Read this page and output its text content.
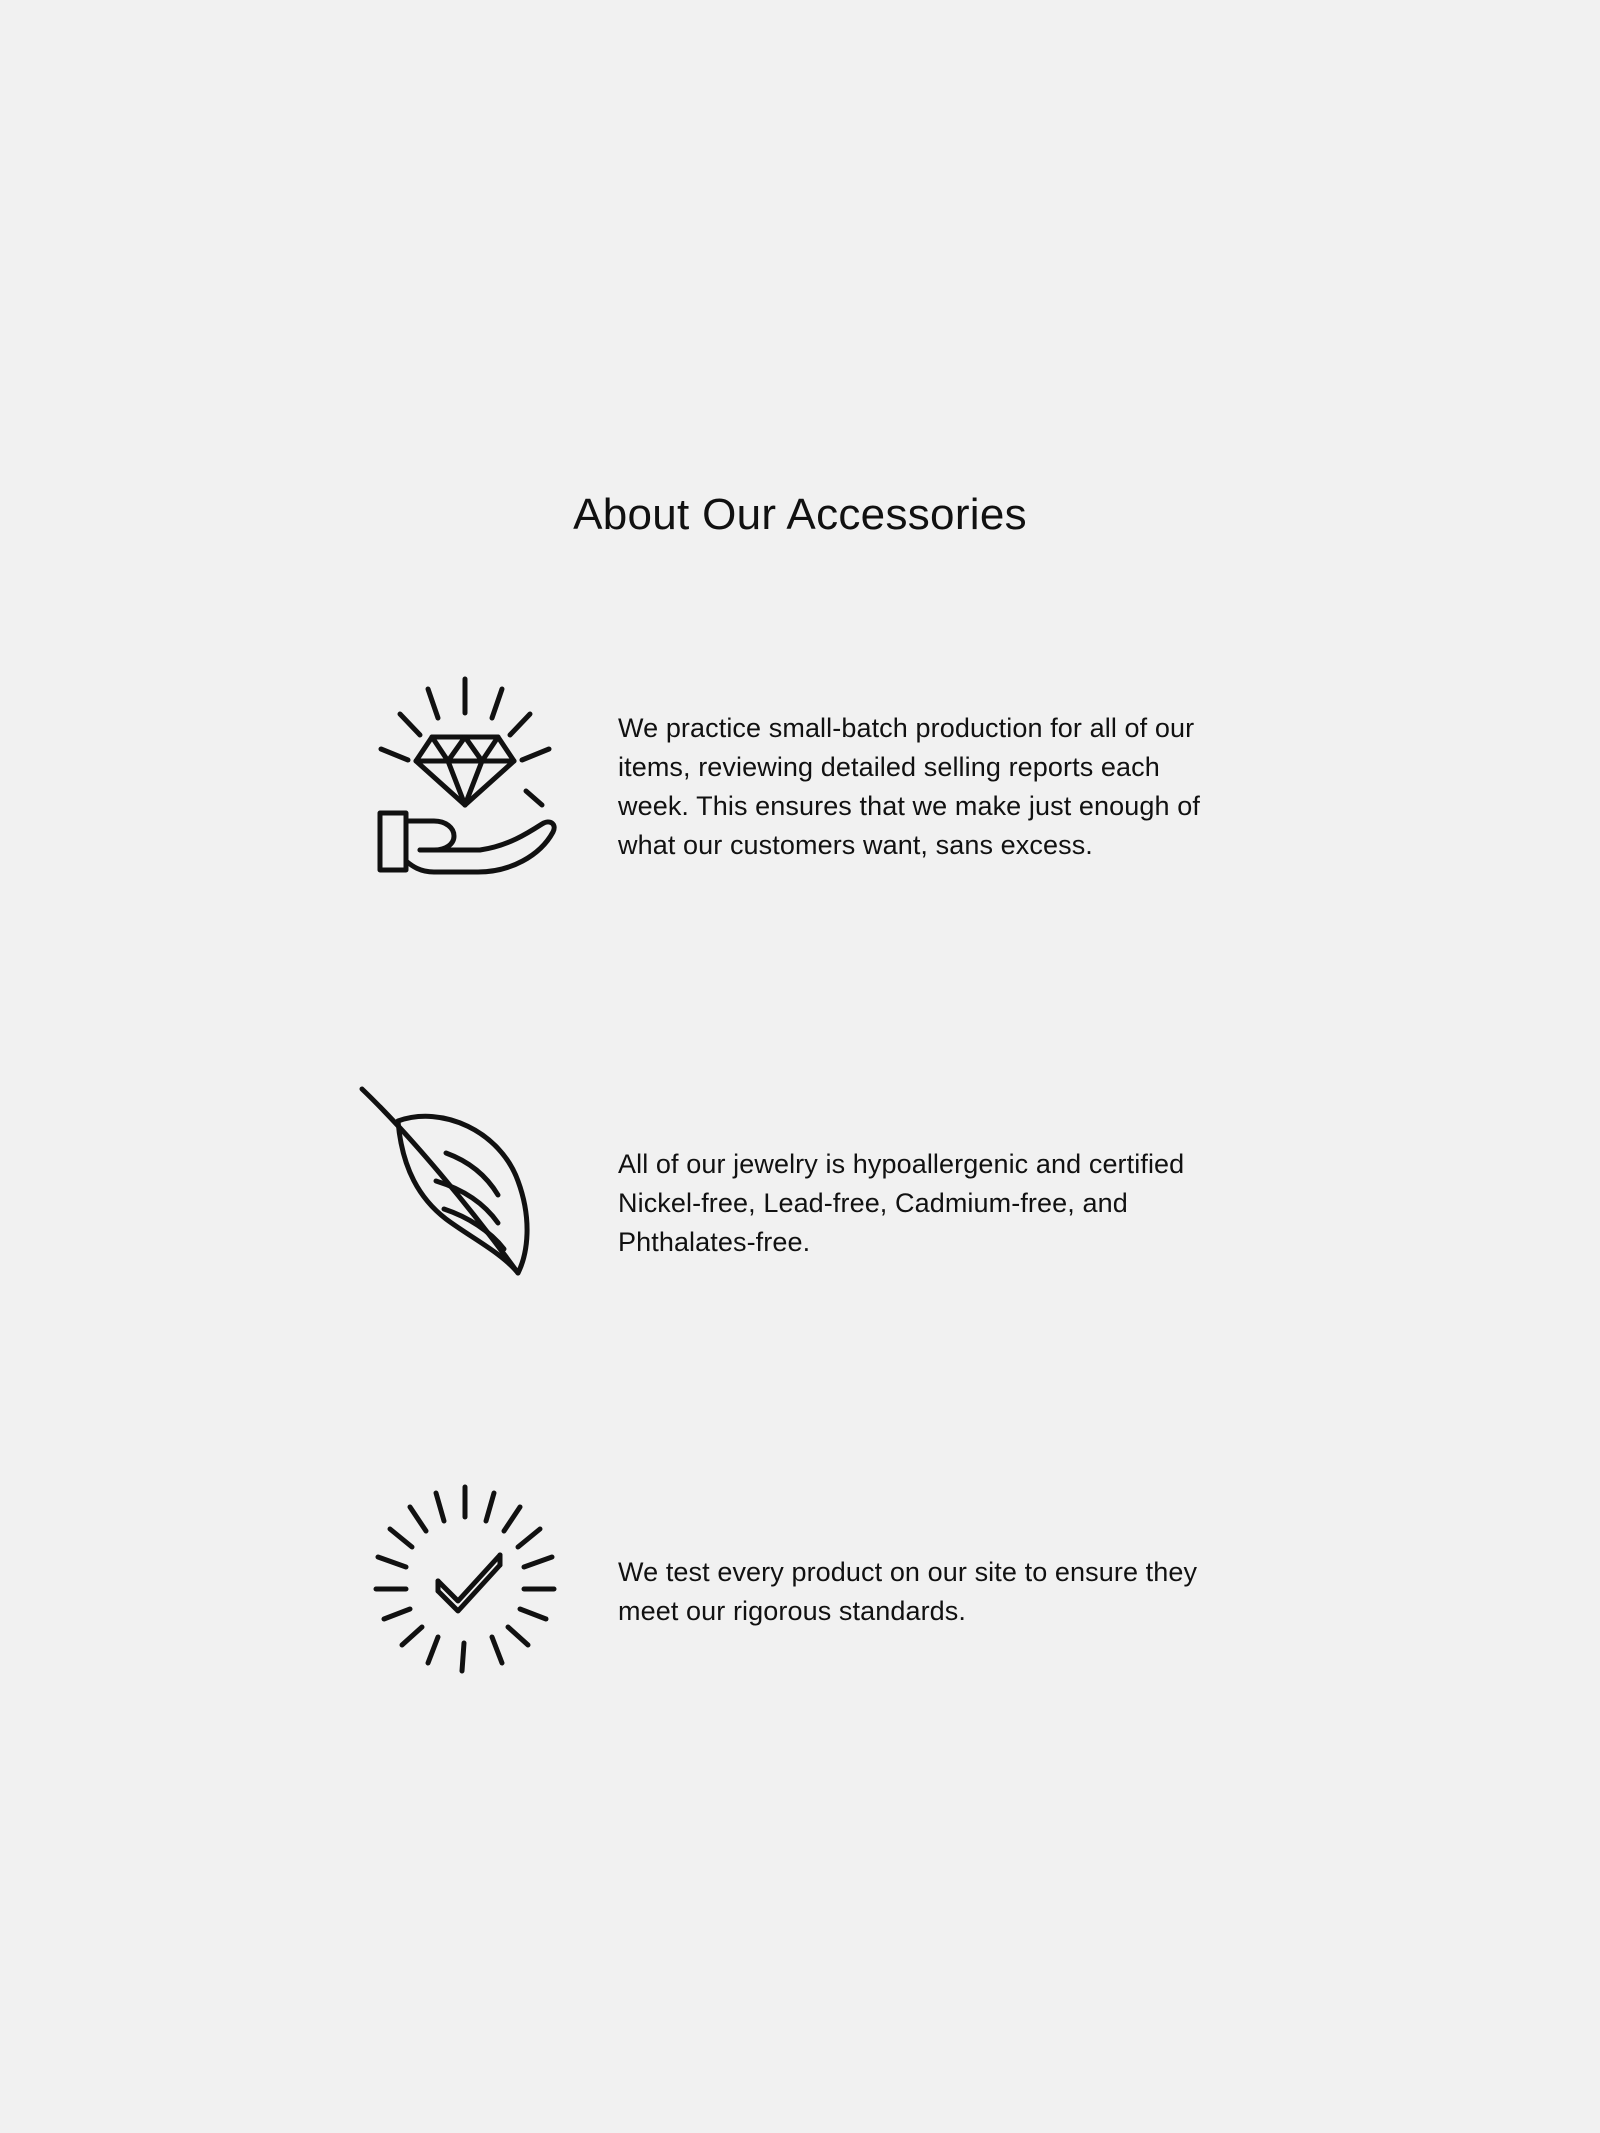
About Our Accessories
We practice small-batch production for all of our items, reviewing detailed selling reports each week. This ensures that we make just enough of what our customers want, sans excess.
All of our jewelry is hypoallergenic and certified Nickel-free, Lead-free, Cadmium-free, and Phthalates-free.
We test every product on our site to ensure they meet our rigorous standards.
